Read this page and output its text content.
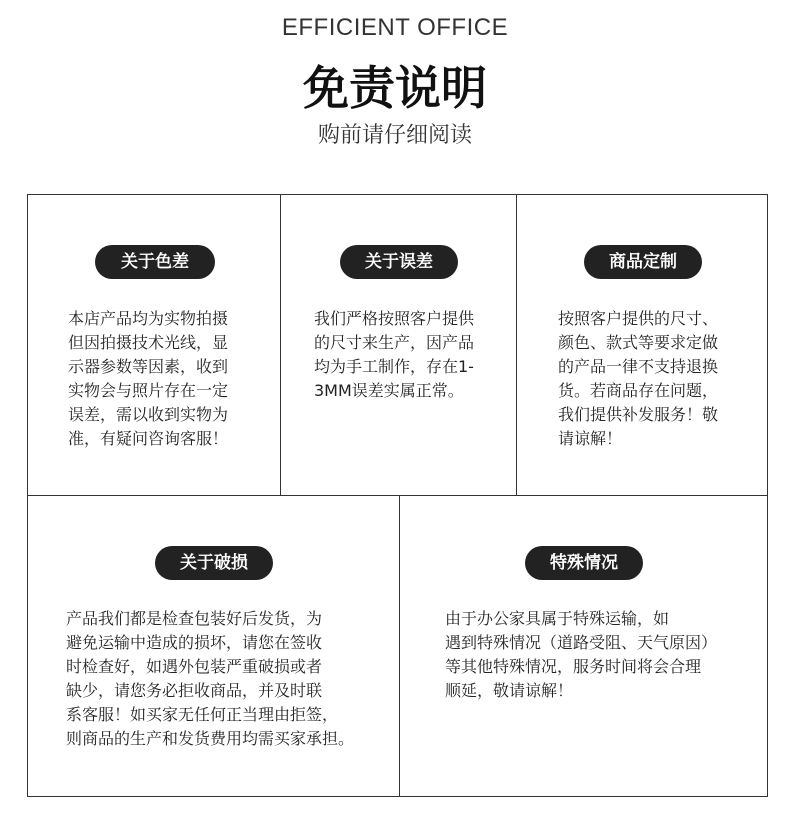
EFFICIENT OFFICE
免责说明
购前请仔细阅读
关于色差
本店产品均为实物拍摄
但因拍摄技术光线，显
示器参数等因素，收到
实物会与照片存在一定
误差，需以收到实物为
准，有疑问咨询客服！
关于误差
我们严格按照客户提供
的尺寸来生产，因产品
均为手工制作，存在1-
3MM误差实属正常。
商品定制
按照客户提供的尺寸、
颜色、款式等要求定做
的产品一律不支持退换
货。若商品存在问题，
我们提供补发服务！敬
请谅解！
关于破损
产品我们都是检查包装好后发货，为
避免运输中造成的损坏，请您在签收
时检查好，如遇外包装严重破损或者
缺少，请您务必拒收商品，并及时联
系客服！如买家无任何正当理由拒签，
则商品的生产和发货费用均需买家承担。
特殊情况
由于办公家具属于特殊运输，如
遇到特殊情况（道路受阻、天气原因）
等其他特殊情况，服务时间将会合理
顺延，敬请谅解！
